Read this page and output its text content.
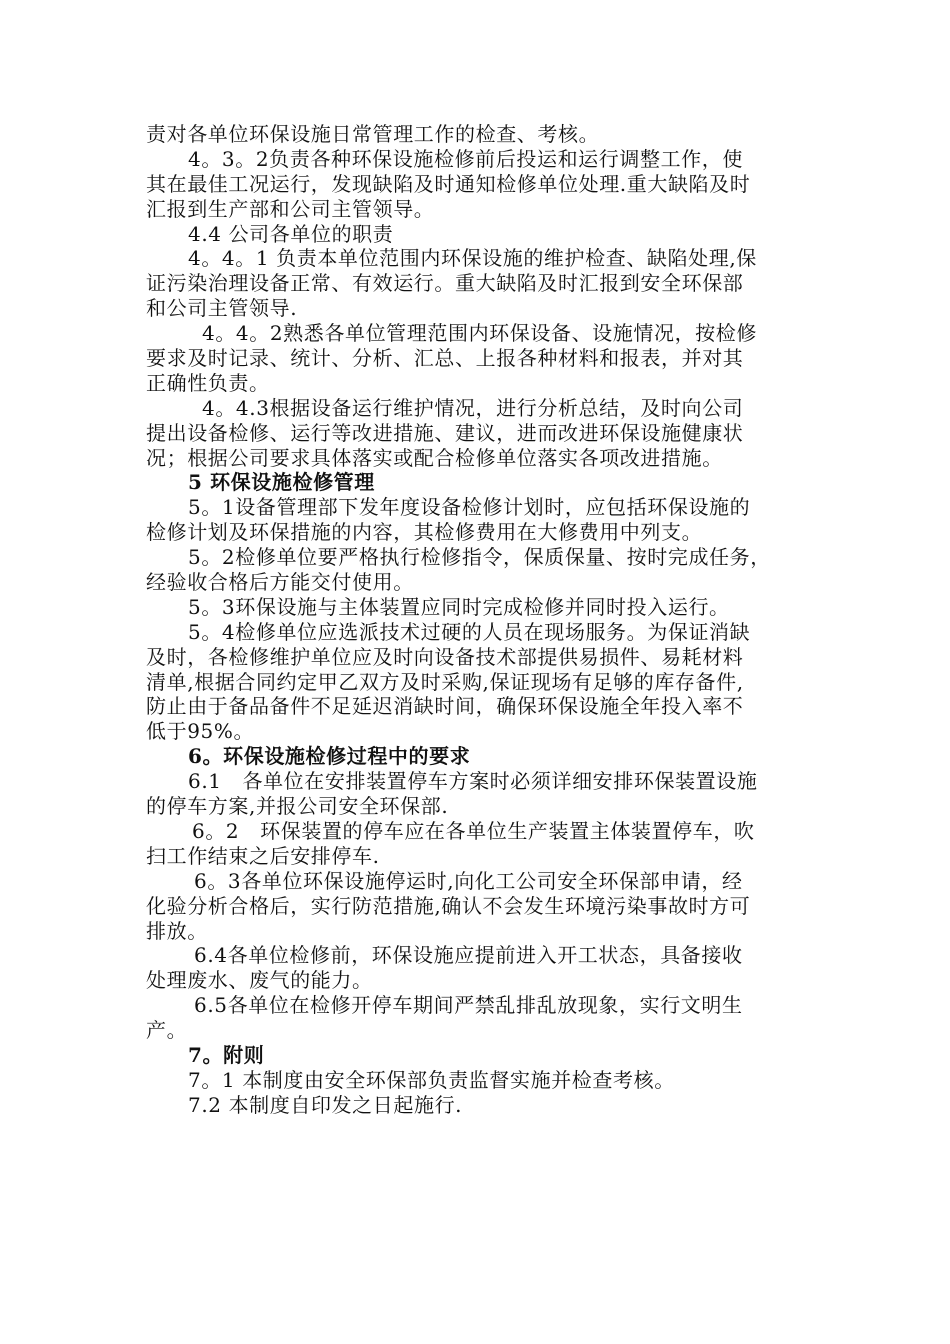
责对各单位环保设施日常管理工作的检查、考核。
4。3。2负责各种环保设施检修前后投运和运行调整工作，使
其在最佳工况运行，发现缺陷及时通知检修单位处理.重大缺陷及时
汇报到生产部和公司主管领导。
4.4 公司各单位的职责
4。4。1 负责本单位范围内环保设施的维护检查、缺陷处理,保
证污染治理设备正常、有效运行。重大缺陷及时汇报到安全环保部
和公司主管领导.
4。4。2熟悉各单位管理范围内环保设备、设施情况，按检修
要求及时记录、统计、分析、汇总、上报各种材料和报表，并对其
正确性负责。
4。4.3根据设备运行维护情况，进行分析总结，及时向公司
提出设备检修、运行等改进措施、建议，进而改进环保设施健康状
况；根据公司要求具体落实或配合检修单位落实各项改进措施。
5 环保设施检修管理
5。1设备管理部下发年度设备检修计划时，应包括环保设施的
检修计划及环保措施的内容，其检修费用在大修费用中列支。
5。2检修单位要严格执行检修指令，保质保量、按时完成任务，
经验收合格后方能交付使用。
5。3环保设施与主体装置应同时完成检修并同时投入运行。
5。4检修单位应选派技术过硬的人员在现场服务。为保证消缺
及时，各检修维护单位应及时向设备技术部提供易损件、易耗材料
清单,根据合同约定甲乙双方及时采购,保证现场有足够的库存备件,
防止由于备品备件不足延迟消缺时间，确保环保设施全年投入率不
低于95%。
6。环保设施检修过程中的要求
6.1   各单位在安排装置停车方案时必须详细安排环保装置设施
的停车方案,并报公司安全环保部.
6。2   环保装置的停车应在各单位生产装置主体装置停车，吹
扫工作结束之后安排停车.
6。3各单位环保设施停运时,向化工公司安全环保部申请，经
化验分析合格后，实行防范措施,确认不会发生环境污染事故时方可
排放。
6.4各单位检修前，环保设施应提前进入开工状态，具备接收
处理废水、废气的能力。
6.5各单位在检修开停车期间严禁乱排乱放现象，实行文明生
产。
7。附则
7。1 本制度由安全环保部负责监督实施并检查考核。
7.2 本制度自印发之日起施行.
